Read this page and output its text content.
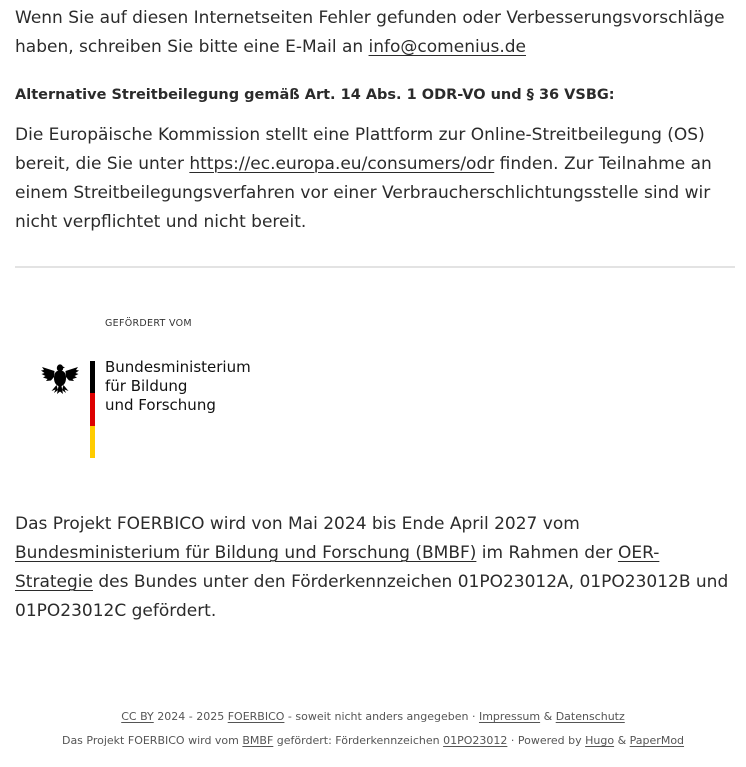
Wenn Sie auf diesen Internetseiten Fehler gefunden oder Verbesserungsvorschläge haben, schreiben Sie bitte eine E-Mail an info@comenius.de

Alternative Streitbeilegung gemäß Art. 14 Abs. 1 ODR-VO und § 36 VSBG:

Die Europäische Kommission stellt eine Plattform zur Online-Streitbeilegung (OS) bereit, die Sie unter https://ec.europa.eu/consumers/odr finden. Zur Teilnahme an einem Streitbeilegungsverfahren vor einer Verbraucherschlichtungsstelle sind wir nicht verpflichtet und nicht bereit.

GEFÖRDERT VOM
Bundesministerium
für Bildung
und Forschung

Das Projekt FOERBICO wird von Mai 2024 bis Ende April 2027 vom Bundesministerium für Bildung und Forschung (BMBF) im Rahmen der OER-Strategie des Bundes unter den Förderkennzeichen 01PO23012A, 01PO23012B und 01PO23012C gefördert.

CC BY 2024 - 2025 FOERBICO - soweit nicht anders angegeben · Impressum & Datenschutz
Das Projekt FOERBICO wird vom BMBF gefördert: Förderkennzeichen 01PO23012 · Powered by Hugo & PaperMod
